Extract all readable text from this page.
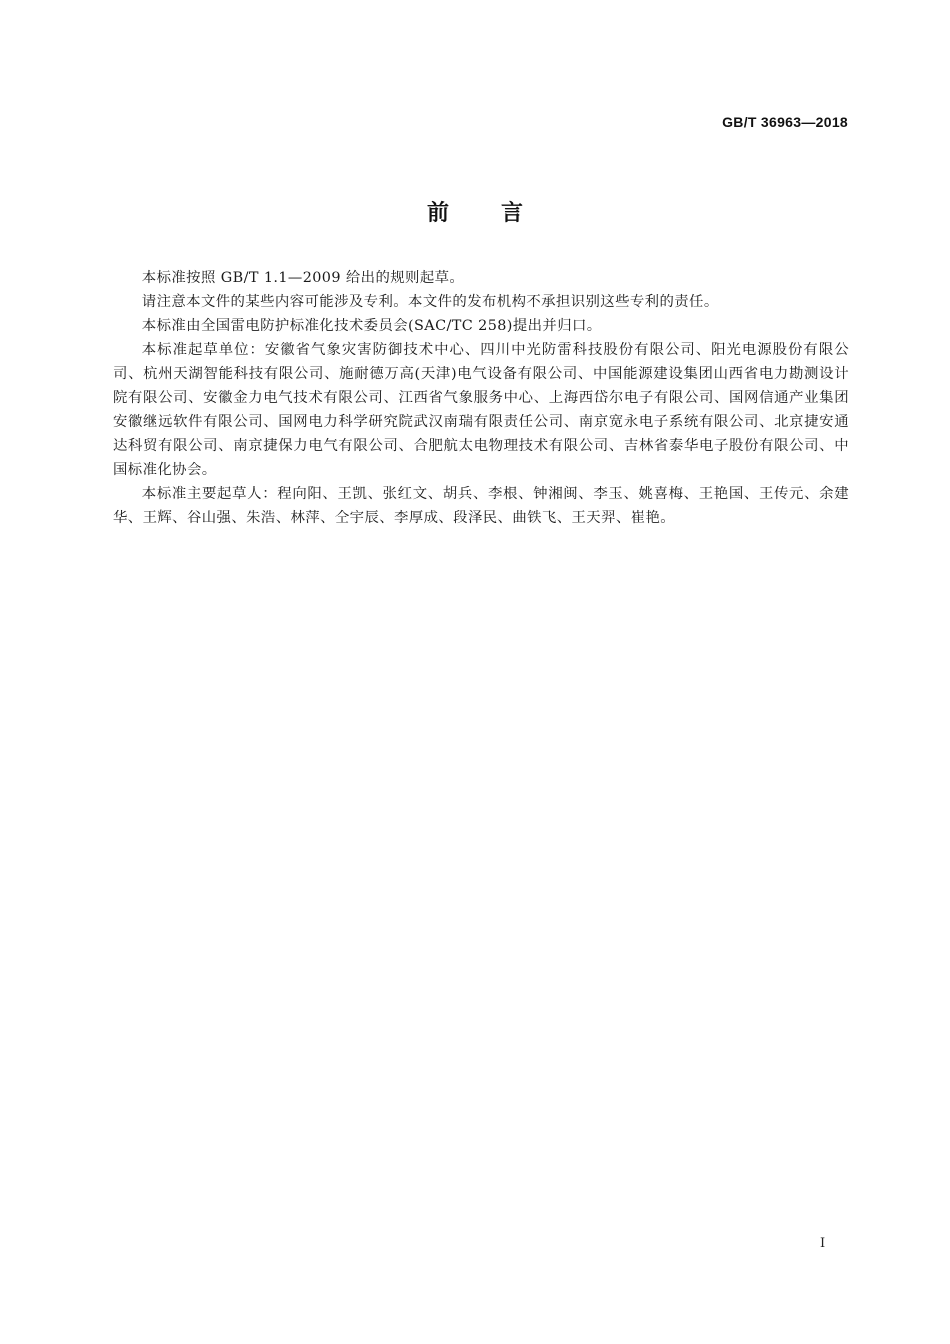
GB/T 36963—2018
前言

本标准按照 GB/T 1.1—2009 给出的规则起草。

请注意本文件的某些内容可能涉及专利。本文件的发布机构不承担识别这些专利的责任。

本标准由全国雷电防护标准化技术委员会(SAC/TC 258)提出并归口。

本标准起草单位：安徽省气象灾害防御技术中心、四川中光防雷科技股份有限公司、阳光电源股份有限公司、杭州天湖智能科技有限公司、施耐德万高(天津)电气设备有限公司、中国能源建设集团山西省电力勘测设计院有限公司、安徽金力电气技术有限公司、江西省气象服务中心、上海西岱尔电子有限公司、国网信通产业集团安徽继远软件有限公司、国网电力科学研究院武汉南瑞有限责任公司、南京宽永电子系统有限公司、北京捷安通达科贸有限公司、南京捷保力电气有限公司、合肥航太电物理技术有限公司、吉林省泰华电子股份有限公司、中国标准化协会。

本标准主要起草人：程向阳、王凯、张红文、胡兵、李根、钟湘闽、李玉、姚喜梅、王艳国、王传元、余建华、王辉、谷山强、朱浩、林萍、仝宇辰、李厚成、段泽民、曲铁飞、王天羿、崔艳。

I
